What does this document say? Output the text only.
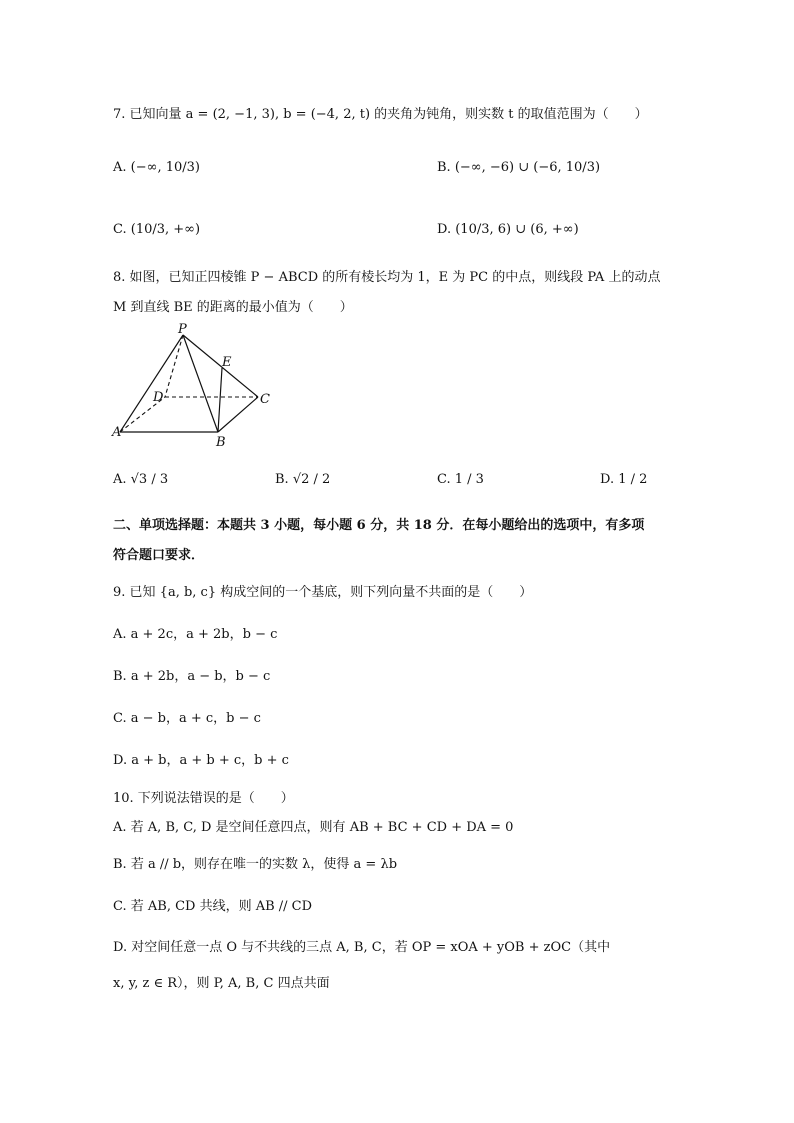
7. 已知向量 a = (2, −1, 3), b = (−4, 2, t) 的夹角为钝角，则实数 t 的取值范围为（　　）
A. (−∞, 10/3)	B. (−∞, −6) ∪ (−6, 10/3)
C. (10/3, +∞)	D. (10/3, 6) ∪ (6, +∞)
8. 如图，已知正四棱锥 P − ABCD 的所有棱长均为 1，E 为 PC 的中点，则线段 PA 上的动点
M 到直线 BE 的距离的最小值为（　　）
P
E
D	C
A
B
A. √3 / 3	B. √2 / 2	C. 1 / 3	D. 1 / 2
二、单项选择题：本题共 3 小题，每小题 6 分，共 18 分．在每小题给出的选项中，有多项
符合题口要求．
9. 已知 {a, b, c} 构成空间的一个基底，则下列向量不共面的是（　　）
A. a + 2c，a + 2b，b − c
B. a + 2b，a − b，b − c
C. a − b，a + c，b − c
D. a + b，a + b + c，b + c
10. 下列说法错误的是（　　）
A. 若 A, B, C, D 是空间任意四点，则有 AB + BC + CD + DA = 0
B. 若 a // b，则存在唯一的实数 λ，使得 a = λb
C. 若 AB, CD 共线，则 AB // CD
D. 对空间任意一点 O 与不共线的三点 A, B, C，若 OP = xOA + yOB + zOC（其中
x, y, z ∈ R），则 P, A, B, C 四点共面
